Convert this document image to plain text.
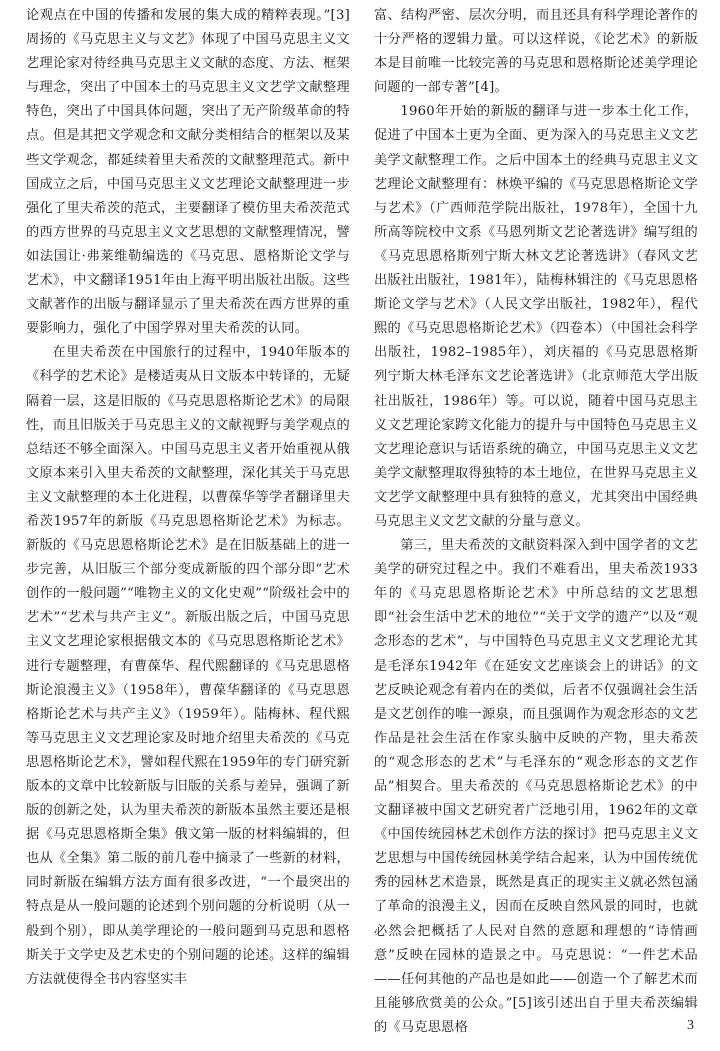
论观点在中国的传播和发展的集大成的精粹表现。”[3]周扬的《马克思主义与文艺》体现了中国马克思主义文艺理论家对待经典马克思主义文献的态度、方法、框架与理念，突出了中国本土的马克思主义文艺学文献整理特色，突出了中国具体问题，突出了无产阶级革命的特点。但是其把文学观念和文献分类相结合的框架以及某些文学观念，都延续着里夫希茨的文献整理范式。新中国成立之后，中国马克思主义文艺理论文献整理进一步强化了里夫希茨的范式，主要翻译了模仿里夫希茨范式的西方世界的马克思主义文艺思想的文献整理情况，譬如法国让·弗莱维勒编选的《马克思、恩格斯论文学与艺术》，中文翻译1951年由上海平明出版社出版。这些文献著作的出版与翻译显示了里夫希茨在西方世界的重要影响力，强化了中国学界对里夫希茨的认同。

在里夫希茨在中国旅行的过程中，1940年版本的《科学的艺术论》是楼适夷从日文版本中转译的，无疑隔着一层，这是旧版的《马克思恩格斯论艺术》的局限性，而且旧版关于马克思主义的文献视野与美学观点的总结还不够全面深入。中国马克思主义者开始重视从俄文原本来引入里夫希茨的文献整理，深化其关于马克思主义文献整理的本土化进程，以曹葆华等学者翻译里夫希茨1957年的新版《马克思恩格斯论艺术》为标志。新版的《马克思恩格斯论艺术》是在旧版基础上的进一步完善，从旧版三个部分变成新版的四个部分即“艺术创作的一般问题”“唯物主义的文化史观”“阶级社会中的艺术”“艺术与共产主义”。新版出版之后，中国马克思主义文艺理论家根据俄文本的《马克思恩格斯论艺术》进行专题整理，有曹葆华、程代熙翻译的《马克思恩格斯论浪漫主义》（1958年），曹葆华翻译的《马克思恩格斯论艺术与共产主义》（1959年）。陆梅林、程代熙等马克思主义文艺理论家及时地介绍里夫希茨的《马克思恩格斯论艺术》，譬如程代熙在1959年的专门研究新版本的文章中比较新版与旧版的关系与差异，强调了新版的创新之处，认为里夫希茨的新版本虽然主要还是根据《马克思恩格斯全集》俄文第一版的材料编辑的，但也从《全集》第二版的前几卷中摘录了一些新的材料，同时新版在编辑方法方面有很多改进，“一个最突出的特点是从一般问题的论述到个别问题的分析说明（从一般到个别），即从美学理论的一般问题到马克思和恩格斯关于文学史及艺术史的个别问题的论述。这样的编辑方法就使得全书内容坚实丰

富、结构严密、层次分明，而且还具有科学理论著作的十分严格的逻辑力量。可以这样说，《论艺术》的新版本是目前唯一比较完善的马克思和恩格斯论述美学理论问题的一部专著”[4]。

1960年开始的新版的翻译与进一步本土化工作，促进了中国本土更为全面、更为深入的马克思主义文艺美学文献整理工作。之后中国本土的经典马克思主义文艺理论文献整理有：林焕平编的《马克思恩格斯论文学与艺术》（广西师范学院出版社，1978年），全国十九所高等院校中文系《马恩列斯文艺论著选讲》编写组的《马克思恩格斯列宁斯大林文艺论著选讲》（春风文艺出版社出版社，1981年），陆梅林辑注的《马克思恩格斯论文学与艺术》（人民文学出版社，1982年），程代熙的《马克思恩格斯论艺术》（四卷本）（中国社会科学出版社，1982–1985年），刘庆福的《马克思恩格斯列宁斯大林毛泽东文艺论著选讲》（北京师范大学出版社出版社，1986年）等。可以说，随着中国马克思主义文艺理论家跨文化能力的提升与中国特色马克思主义文艺理论意识与话语系统的确立，中国马克思主义文艺美学文献整理取得独特的本土地位，在世界马克思主义文艺学文献整理中具有独特的意义，尤其突出中国经典马克思主义文艺文献的分量与意义。

第三，里夫希茨的文献资料深入到中国学者的文艺美学的研究过程之中。我们不难看出，里夫希茨1933年的《马克思恩格斯论艺术》中所总结的文艺思想即“社会生活中艺术的地位”“关于文学的遗产”以及“观念形态的艺术”，与中国特色马克思主义文艺理论尤其是毛泽东1942年《在延安文艺座谈会上的讲话》的文艺反映论观念有着内在的类似，后者不仅强调社会生活是文艺创作的唯一源泉，而且强调作为观念形态的文艺作品是社会生活在作家头脑中反映的产物，里夫希茨的“观念形态的艺术”与毛泽东的“观念形态的文艺作品”相契合。里夫希茨的《马克思恩格斯论艺术》的中文翻译被中国文艺研究者广泛地引用，1962年的文章《中国传统园林艺术创作方法的探讨》把马克思主义文艺思想与中国传统园林美学结合起来，认为中国传统优秀的园林艺术造景，既然是真正的现实主义就必然包涵了革命的浪漫主义，因而在反映自然风景的同时，也就必然会把概括了人民对自然的意愿和理想的“诗情画意”反映在园林的造景之中。马克思说：“一件艺术品——任何其他的产品也是如此——创造一个了解艺术而且能够欣赏美的公众。”[5]该引述出自于里夫希茨编辑的《马克思恩格	3
